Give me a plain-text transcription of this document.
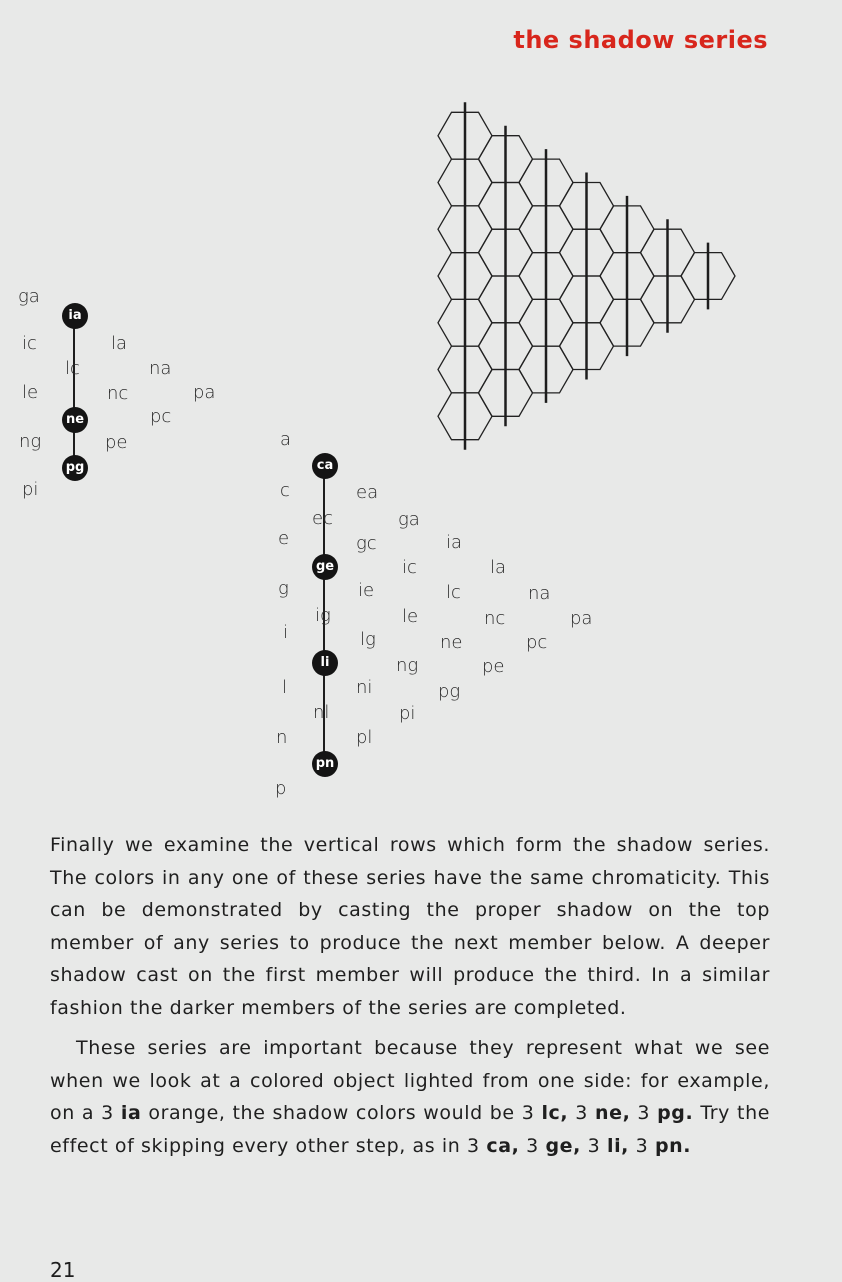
the shadow series
ga
ic
le
ng
pi
la
na
nc	pa
pc
pe
lc
ia
ne
pg
a
c
e
g
i
l
n
p
ea
ec	ga
gc
ie
ig
lg
ni
nl
pl
ia
ic	la
na
lc
nc	pa
le
ne	pc
ng	pe
pg
pi
ca
ge
li
pn
Finally we examine the vertical rows which form the shadow series. The colors in any one of these series have the same chromaticity. This can be demonstrated by casting the proper shadow on the top member of any series to produce the next member below. A deeper shadow cast on the first member will produce the third. In a similar fashion the darker members of the series are completed.
These series are important because they represent what we see when we look at a colored object lighted from one side: for example, on a 3 ia orange, the shadow colors would be 3 lc, 3 ne, 3 pg. Try the effect of skipping every other step, as in 3 ca, 3 ge, 3 li, 3 pn.
21
